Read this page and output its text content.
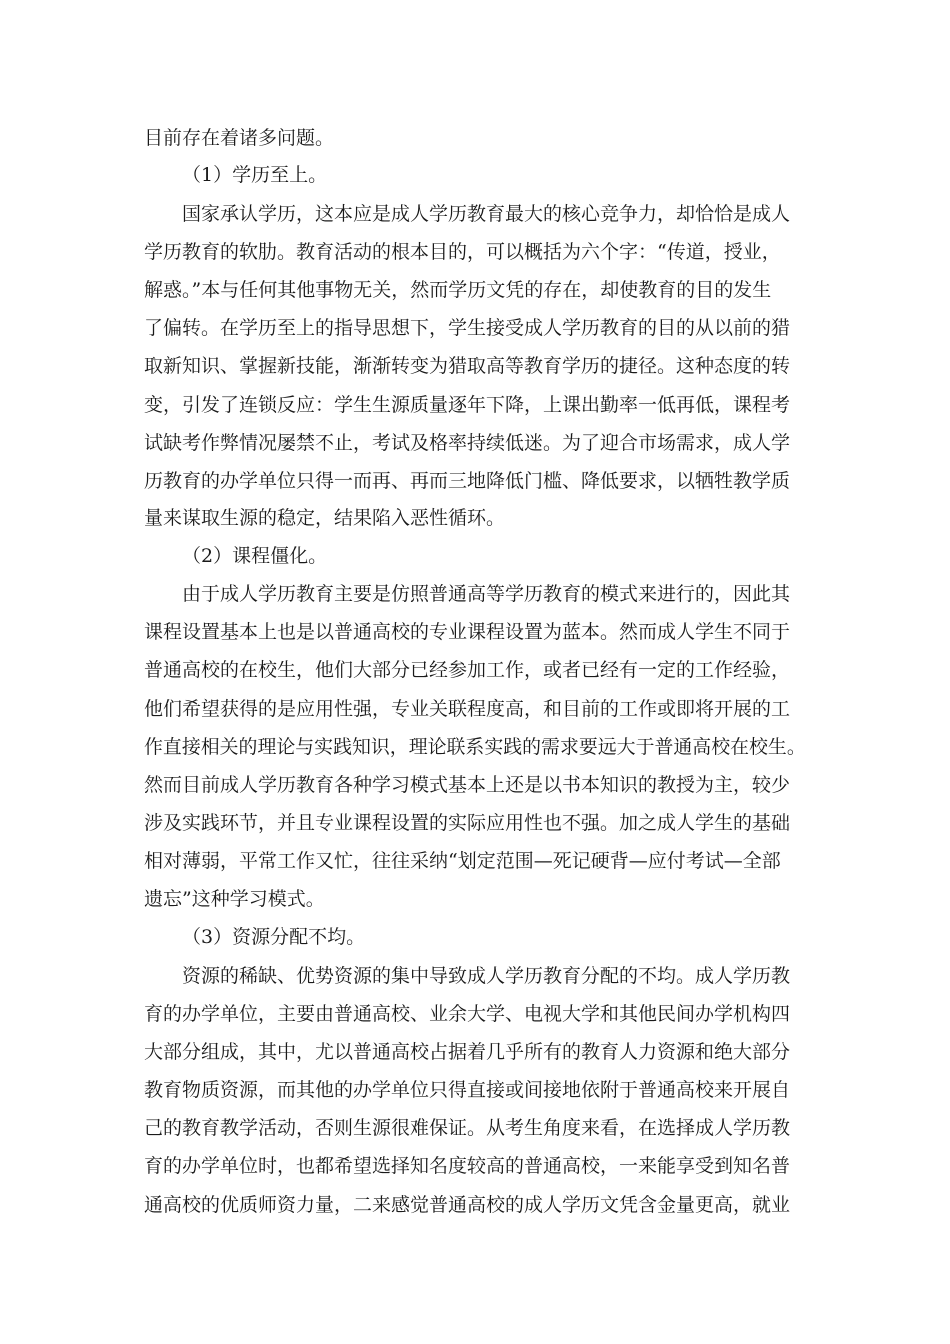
目前存在着诸多问题。
（1）学历至上。
国家承认学历，这本应是成人学历教育最大的核心竞争力，却恰恰是成人
学历教育的软肋。教育活动的根本目的，可以概括为六个字：“传道，授业，
解惑。”本与任何其他事物无关，然而学历文凭的存在，却使教育的目的发生
了偏转。在学历至上的指导思想下，学生接受成人学历教育的目的从以前的猎
取新知识、掌握新技能，渐渐转变为猎取高等教育学历的捷径。这种态度的转
变，引发了连锁反应：学生生源质量逐年下降，上课出勤率一低再低，课程考
试缺考作弊情况屡禁不止，考试及格率持续低迷。为了迎合市场需求，成人学
历教育的办学单位只得一而再、再而三地降低门槛、降低要求，以牺牲教学质
量来谋取生源的稳定，结果陷入恶性循环。
（2）课程僵化。
由于成人学历教育主要是仿照普通高等学历教育的模式来进行的，因此其
课程设置基本上也是以普通高校的专业课程设置为蓝本。然而成人学生不同于
普通高校的在校生，他们大部分已经参加工作，或者已经有一定的工作经验，
他们希望获得的是应用性强，专业关联程度高，和目前的工作或即将开展的工
作直接相关的理论与实践知识，理论联系实践的需求要远大于普通高校在校生。
然而目前成人学历教育各种学习模式基本上还是以书本知识的教授为主，较少
涉及实践环节，并且专业课程设置的实际应用性也不强。加之成人学生的基础
相对薄弱，平常工作又忙，往往采纳“划定范围—死记硬背—应付考试—全部
遗忘”这种学习模式。
（3）资源分配不均。
资源的稀缺、优势资源的集中导致成人学历教育分配的不均。成人学历教
育的办学单位，主要由普通高校、业余大学、电视大学和其他民间办学机构四
大部分组成，其中，尤以普通高校占据着几乎所有的教育人力资源和绝大部分
教育物质资源，而其他的办学单位只得直接或间接地依附于普通高校来开展自
己的教育教学活动，否则生源很难保证。从考生角度来看，在选择成人学历教
育的办学单位时，也都希望选择知名度较高的普通高校，一来能享受到知名普
通高校的优质师资力量，二来感觉普通高校的成人学历文凭含金量更高，就业
